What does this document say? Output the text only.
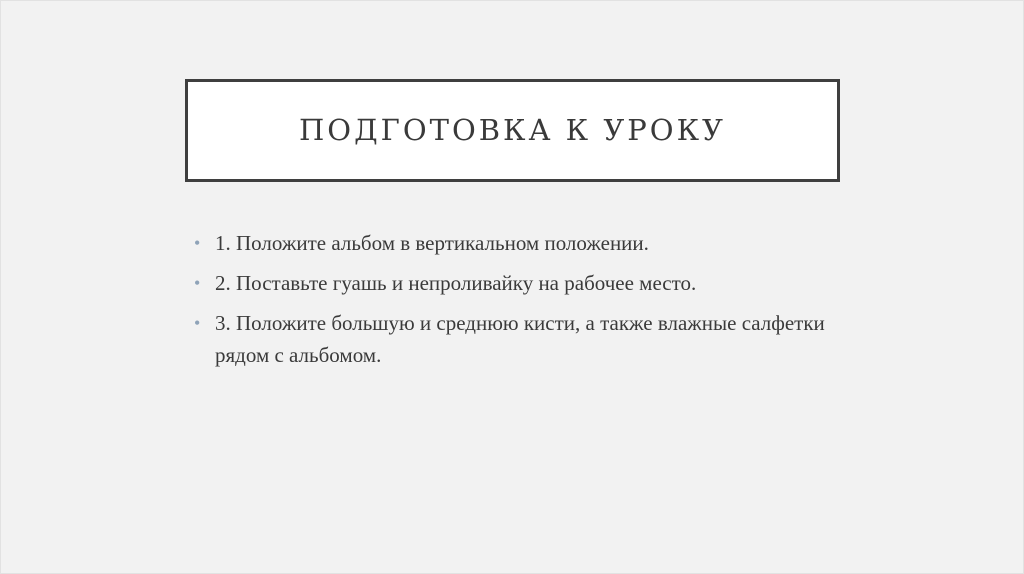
ПОДГОТОВКА К УРОКУ
• 1. Положите альбом в вертикальном положении.
• 2. Поставьте гуашь и непроливайку на рабочее место.
• 3. Положите большую и среднюю кисти, а также влажные салфетки рядом с альбомом.
